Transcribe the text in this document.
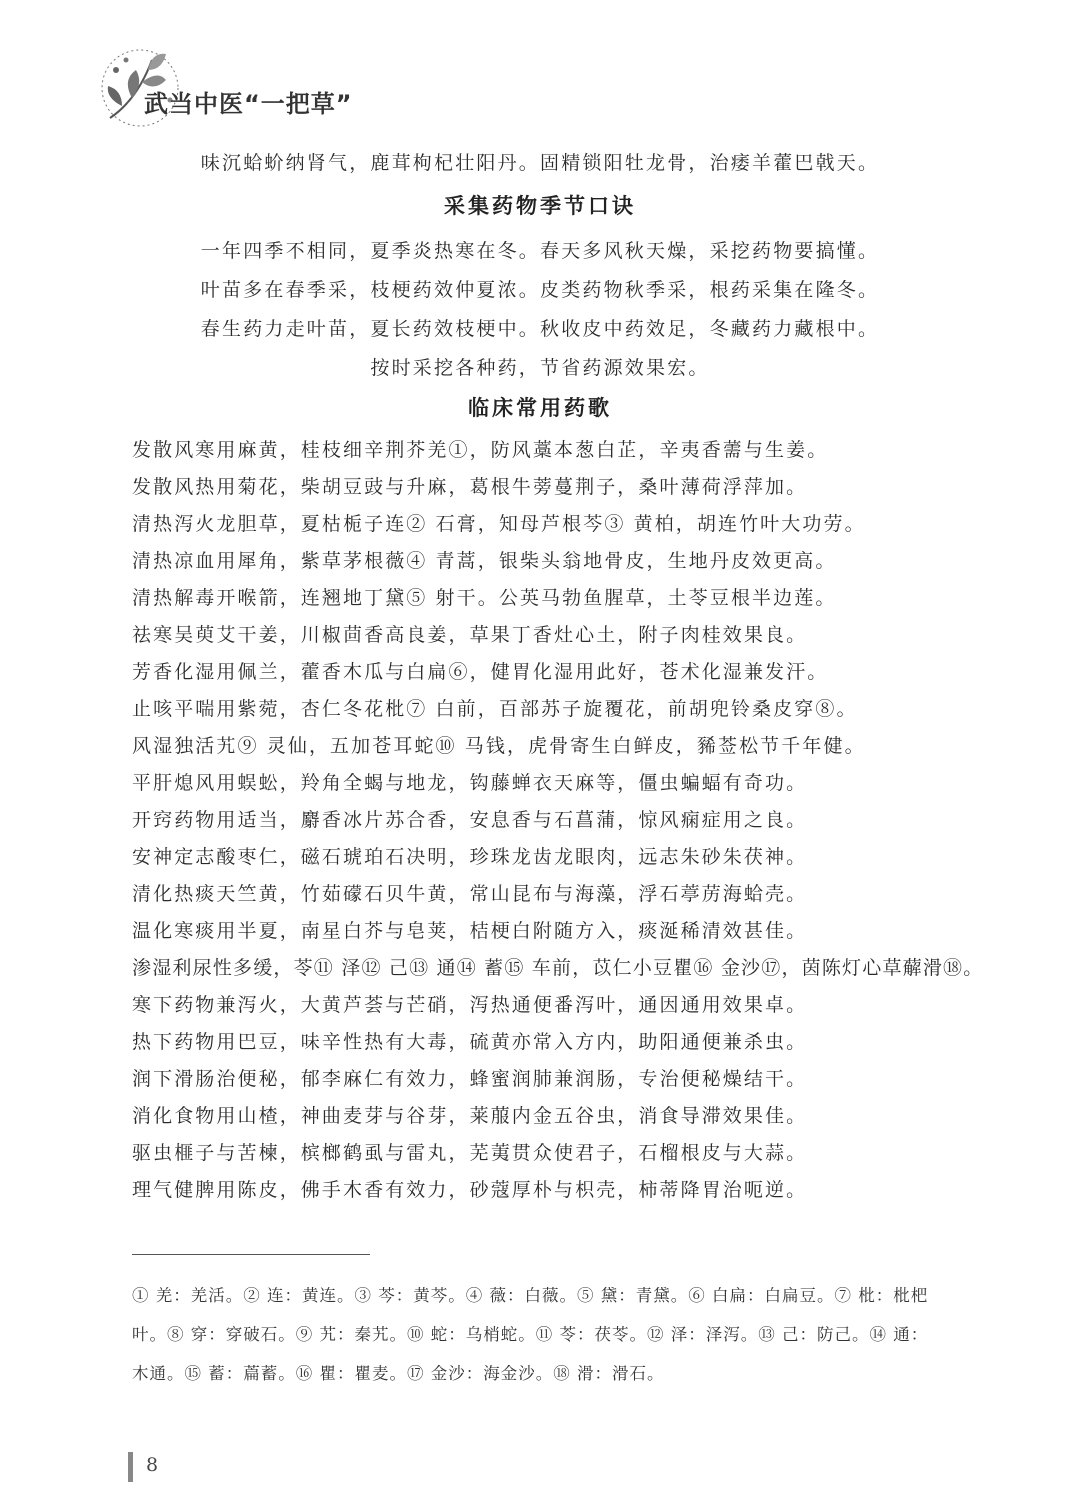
武当中医“一把草”
味沉蛤蚧纳肾气，鹿茸枸杞壮阳丹。固精锁阳牡龙骨，治痿羊藿巴戟天。
采集药物季节口诀
一年四季不相同，夏季炎热寒在冬。春天多风秋天燥，采挖药物要搞懂。
叶苗多在春季采，枝梗药效仲夏浓。皮类药物秋季采，根药采集在隆冬。
春生药力走叶苗，夏长药效枝梗中。秋收皮中药效足，冬藏药力藏根中。
按时采挖各种药，节省药源效果宏。
临床常用药歌
发散风寒用麻黄，桂枝细辛荆芥羌①，防风藁本葱白芷，辛夷香薷与生姜。
发散风热用菊花，柴胡豆豉与升麻，葛根牛蒡蔓荆子，桑叶薄荷浮萍加。
清热泻火龙胆草，夏枯栀子连② 石膏，知母芦根芩③ 黄柏，胡连竹叶大功劳。
清热凉血用犀角，紫草茅根薇④ 青蒿，银柴头翁地骨皮，生地丹皮效更高。
清热解毒开喉箭，连翘地丁黛⑤ 射干。公英马勃鱼腥草，土苓豆根半边莲。
祛寒吴萸艾干姜，川椒茴香高良姜，草果丁香灶心土，附子肉桂效果良。
芳香化湿用佩兰，藿香木瓜与白扁⑥，健胃化湿用此好，苍术化湿兼发汗。
止咳平喘用紫菀，杏仁冬花枇⑦ 白前，百部苏子旋覆花，前胡兜铃桑皮穿⑧。
风湿独活艽⑨ 灵仙，五加苍耳蛇⑩ 马钱，虎骨寄生白鲜皮，豨莶松节千年健。
平肝熄风用蜈蚣，羚角全蝎与地龙，钩藤蝉衣天麻等，僵虫蝙蝠有奇功。
开窍药物用适当，麝香冰片苏合香，安息香与石菖蒲，惊风痫症用之良。
安神定志酸枣仁，磁石琥珀石决明，珍珠龙齿龙眼肉，远志朱砂朱茯神。
清化热痰天竺黄，竹茹礞石贝牛黄，常山昆布与海藻，浮石葶苈海蛤壳。
温化寒痰用半夏，南星白芥与皂荚，桔梗白附随方入，痰涎稀清效甚佳。
渗湿利尿性多缓，苓⑪ 泽⑫ 己⑬ 通⑭ 蓄⑮ 车前，苡仁小豆瞿⑯ 金沙⑰，茵陈灯心草薢滑⑱。
寒下药物兼泻火，大黄芦荟与芒硝，泻热通便番泻叶，通因通用效果卓。
热下药物用巴豆，味辛性热有大毒，硫黄亦常入方内，助阳通便兼杀虫。
润下滑肠治便秘，郁李麻仁有效力，蜂蜜润肺兼润肠，专治便秘燥结干。
消化食物用山楂，神曲麦芽与谷芽，莱菔内金五谷虫，消食导滞效果佳。
驱虫榧子与苦楝，槟榔鹤虱与雷丸，芜荑贯众使君子，石榴根皮与大蒜。
理气健脾用陈皮，佛手木香有效力，砂蔻厚朴与枳壳，柿蒂降胃治呃逆。
① 羌：羌活。② 连：黄连。③ 芩：黄芩。④ 薇：白薇。⑤ 黛：青黛。⑥ 白扁：白扁豆。⑦ 枇：枇杷叶。⑧ 穿：穿破石。⑨ 艽：秦艽。⑩ 蛇：乌梢蛇。⑪ 苓：茯苓。⑫ 泽：泽泻。⑬ 己：防己。⑭ 通：木通。⑮ 蓄：萹蓄。⑯ 瞿：瞿麦。⑰ 金沙：海金沙。⑱ 滑：滑石。
8
